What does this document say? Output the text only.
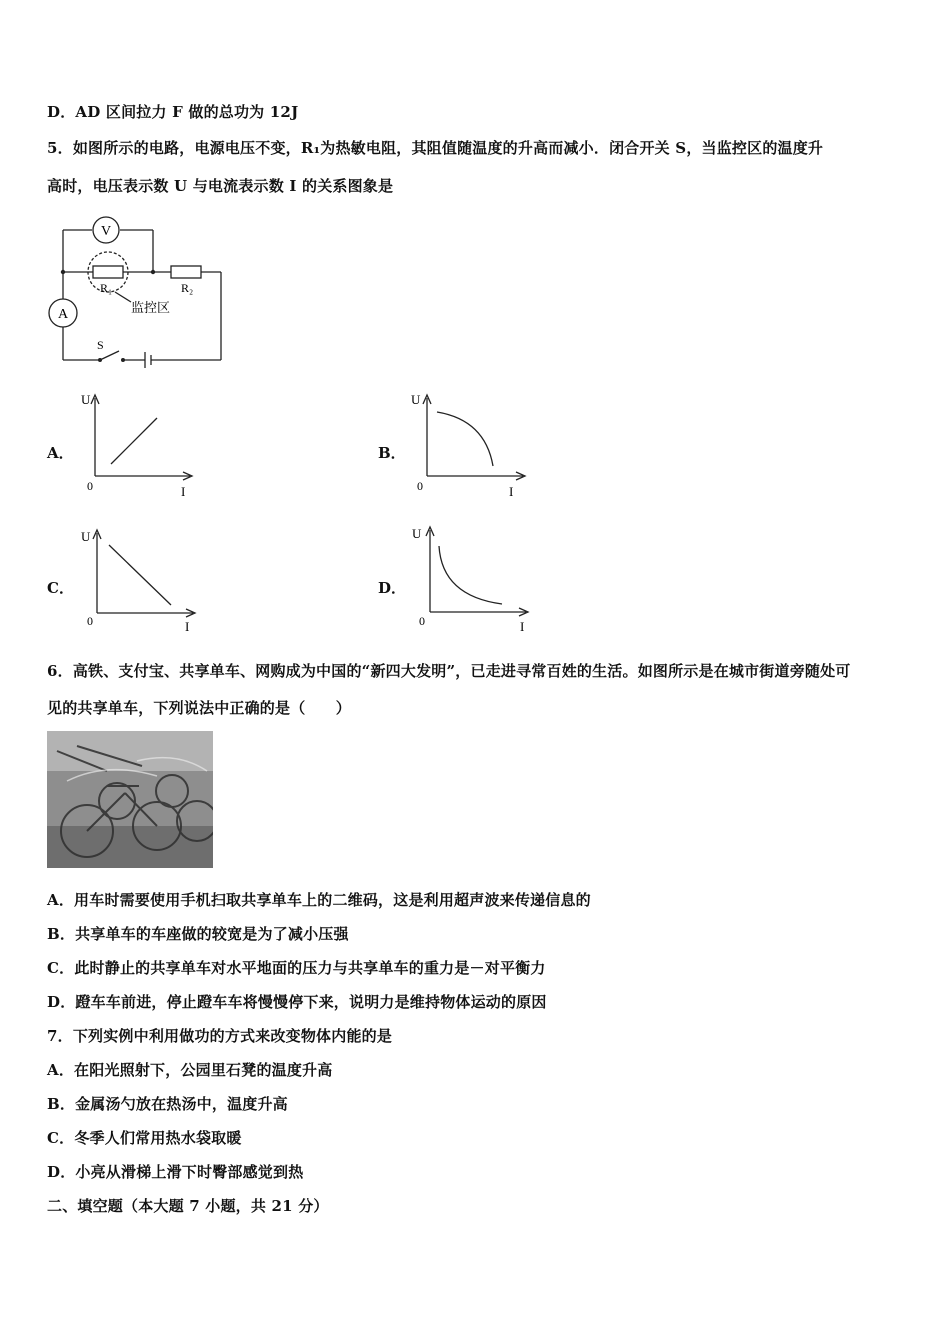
D．AD 区间拉力 F 做的总功为 12J
5．如图所示的电路，电源电压不变，R₁为热敏电阻，其阻值随温度的升高而减小．闭合开关 S，当监控区的温度升
高时，电压表示数 U 与电流表示数 I 的关系图象是
V
A
R₁	R₂
S
监控区
A．
U
0	I
B．
U
0	I
C．
U
0	I
D．
U
0	I
6．高铁、支付宝、共享单车、网购成为中国的“新四大发明”，已走进寻常百姓的生活。如图所示是在城市街道旁随处可
见的共享单车，下列说法中正确的是（　　）
A．用车时需要使用手机扫取共享单车上的二维码，这是利用超声波来传递信息的
B．共享单车的车座做的较宽是为了减小压强
C．此时静止的共享单车对水平地面的压力与共享单车的重力是－对平衡力
D．蹬车车前进，停止蹬车车将慢慢停下来，说明力是维持物体运动的原因
7．下列实例中利用做功的方式来改变物体内能的是
A．在阳光照射下，公园里石凳的温度升高
B．金属汤勺放在热汤中，温度升高
C．冬季人们常用热水袋取暖
D．小亮从滑梯上滑下时臀部感觉到热
二、填空题（本大题 7 小题，共 21 分）
